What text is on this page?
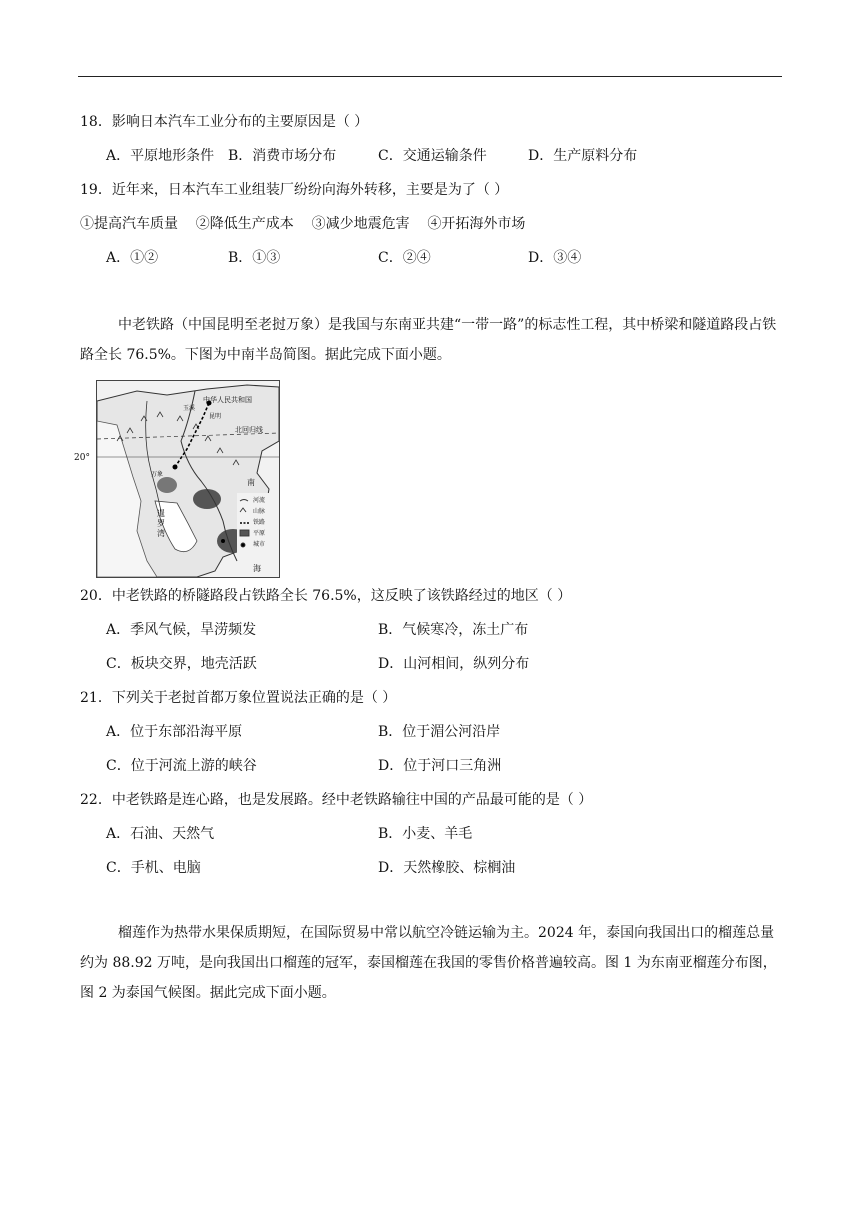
18．影响日本汽车工业分布的主要原因是（ ）
A．平原地形条件 B．消费市场分布	C．交通运输条件	D．生产原料分布
19．近年来，日本汽车工业组装厂纷纷向海外转移，主要是为了（ ）
①提高汽车质量    ②降低生产成本    ③减少地震危害    ④开拓海外市场
A．①②	B．①③	C．②④	D．③④
中老铁路（中国昆明至老挝万象）是我国与东南亚共建“一带一路”的标志性工程，其中桥梁和隧道路段占铁路全长 76.5%。下图为中南半岛简图。据此完成下面小题。
中华人民共和国
北回归线
昆明
玉溪
万象
暹罗湾
南
海
河流
山脉
铁路
平原
城市
20°
20．中老铁路的桥隧路段占铁路全长 76.5%，这反映了该铁路经过的地区（ ）
A．季风气候，旱涝频发	B．气候寒冷，冻土广布
C．板块交界，地壳活跃	D．山河相间，纵列分布
21．下列关于老挝首都万象位置说法正确的是（ ）
A．位于东部沿海平原	B．位于湄公河沿岸
C．位于河流上游的峡谷	D．位于河口三角洲
22．中老铁路是连心路，也是发展路。经中老铁路输往中国的产品最可能的是（ ）
A．石油、天然气	B．小麦、羊毛
C．手机、电脑	D．天然橡胶、棕榈油
榴莲作为热带水果保质期短，在国际贸易中常以航空冷链运输为主。2024 年，泰国向我国出口的榴莲总量约为 88.92 万吨，是向我国出口榴莲的冠军，泰国榴莲在我国的零售价格普遍较高。图 1 为东南亚榴莲分布图，图 2 为泰国气候图。据此完成下面小题。
